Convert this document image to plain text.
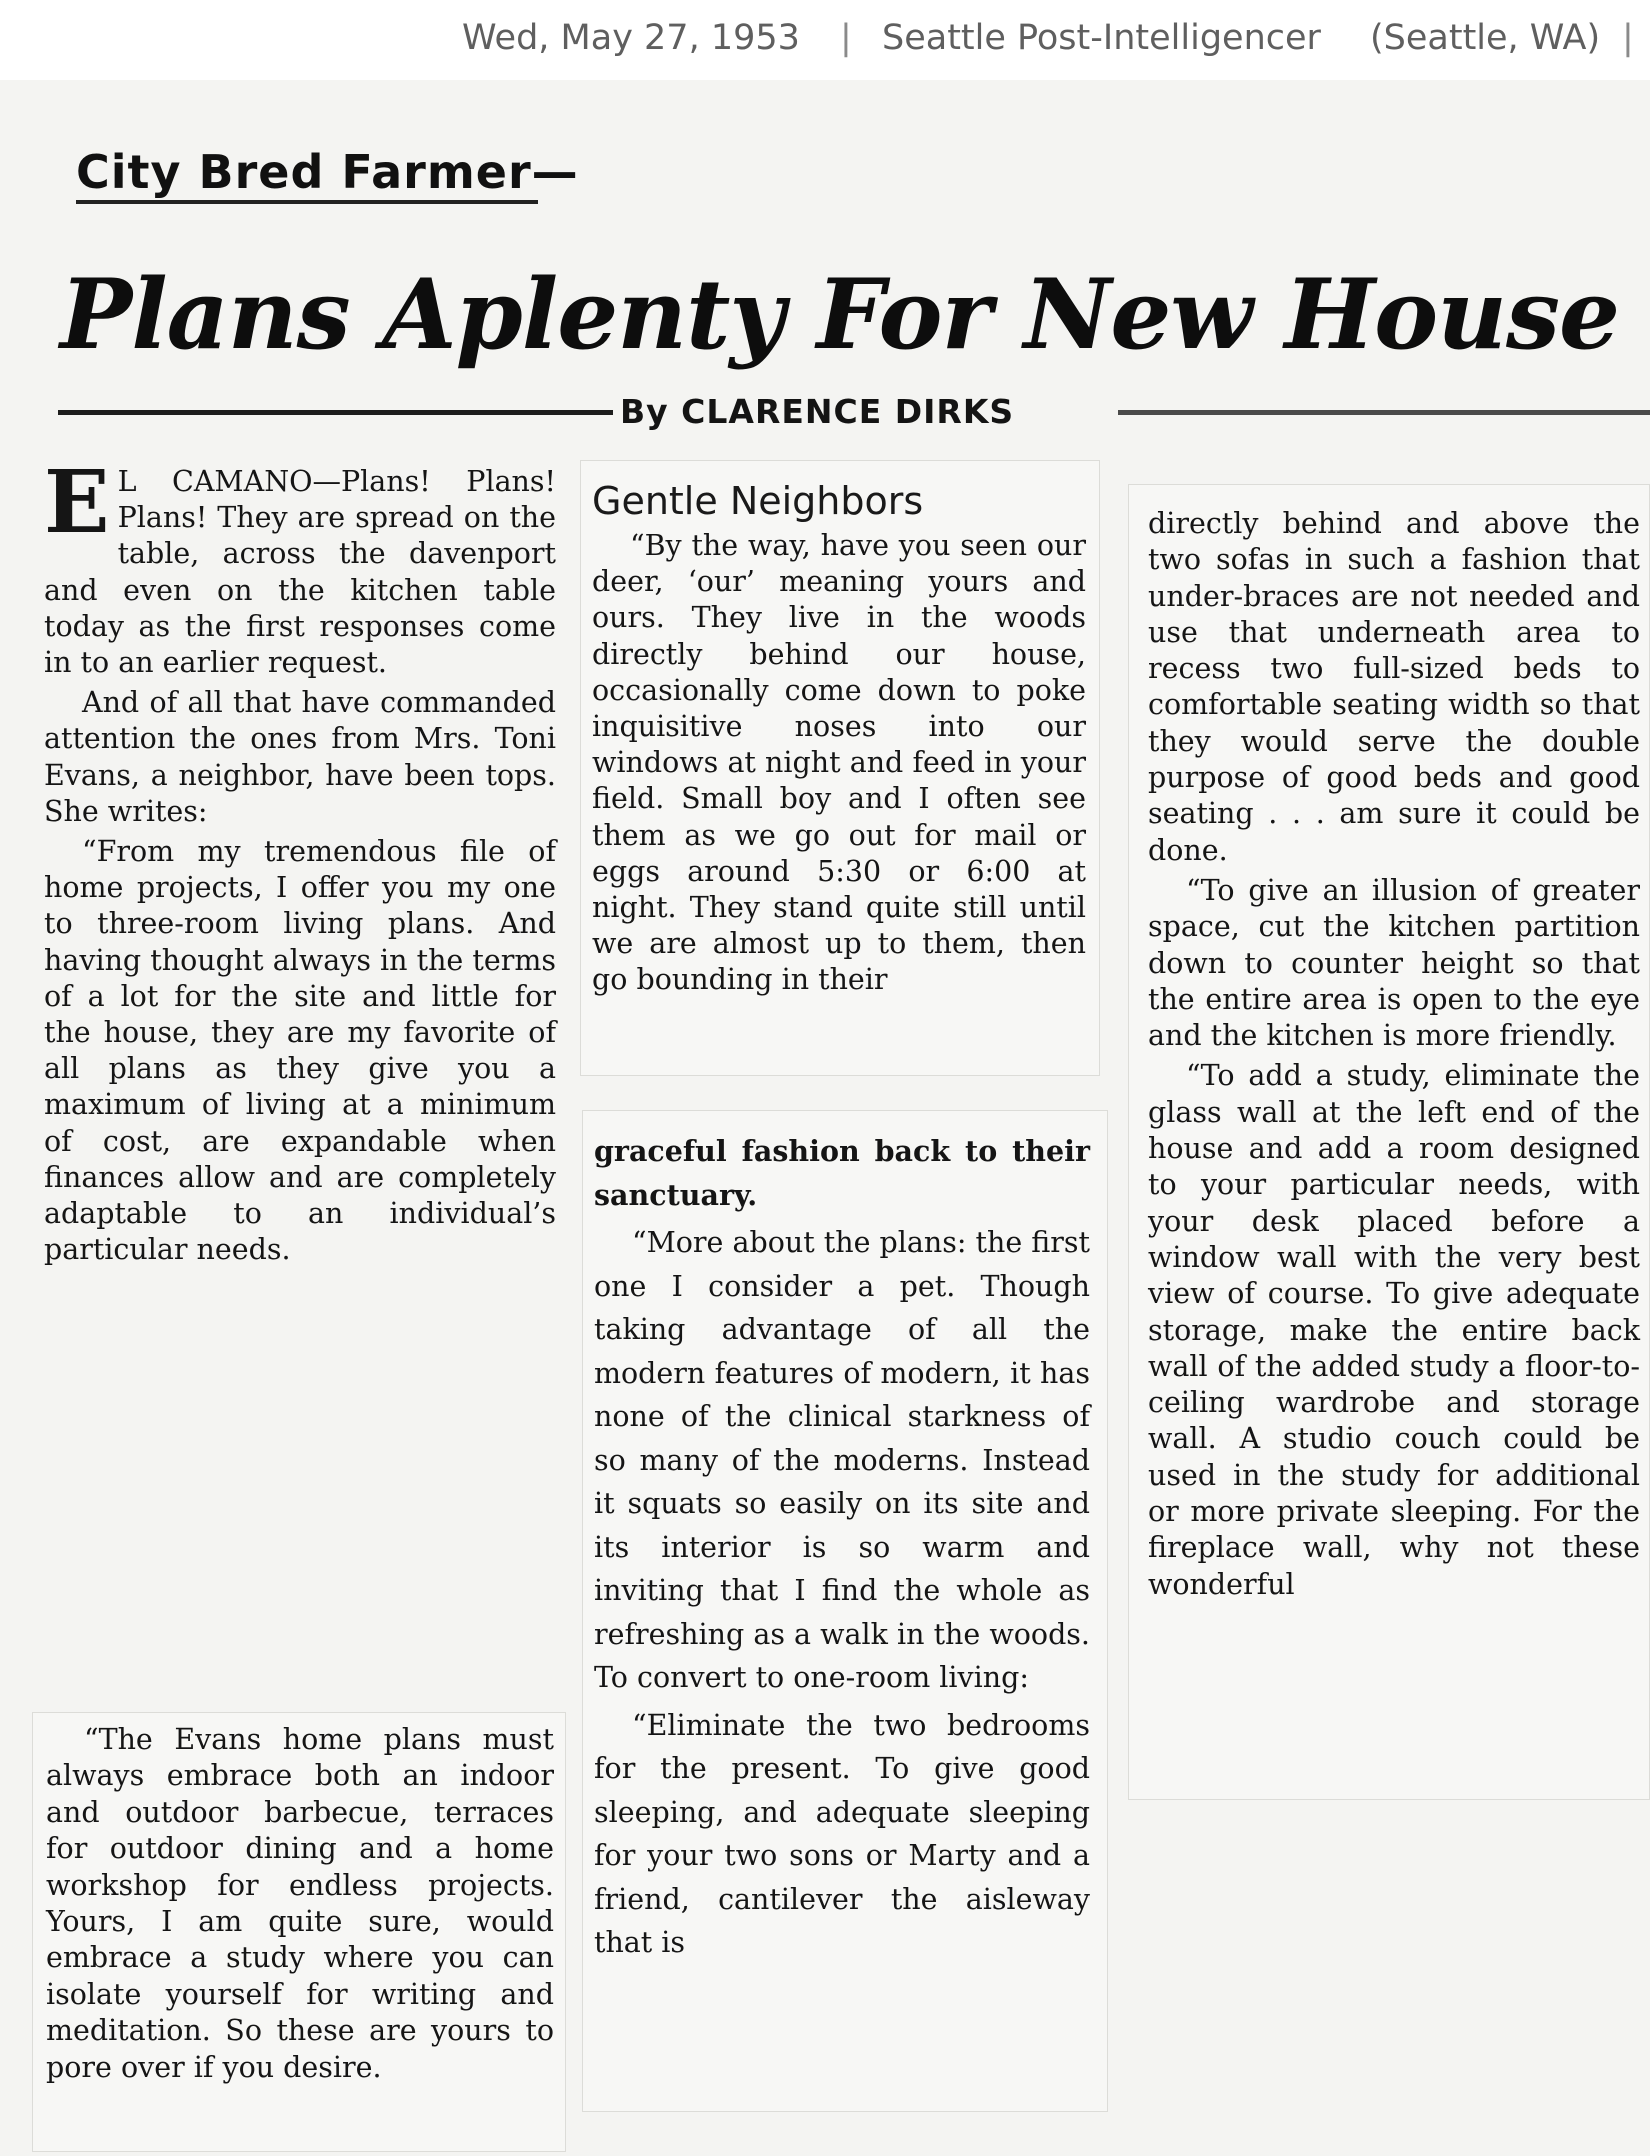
Wed, May 27, 1953 | Seattle Post-Intelligencer (Seattle, WA) |
City Bred Farmer—
Plans Aplenty For New House
By CLARENCE DIRKS

E L CAMANO—Plans! Plans! Plans! They are spread on the table, across the davenport and even on the kitchen table today as the first responses come in to an earlier request.

And of all that have commanded attention the ones from Mrs. Toni Evans, a neighbor, have been tops. She writes:

“From my tremendous file of home projects, I offer you my one to three-room living plans. And having thought always in the terms of a lot for the site and little for the house, they are my favorite of all plans as they give you a maximum of living at a minimum of cost, are expandable when finances allow and are completely adaptable to an individual’s particular needs.

“The Evans home plans must always embrace both an indoor and outdoor barbecue, terraces for outdoor dining and a home workshop for endless projects. Yours, I am quite sure, would embrace a study where you can isolate yourself for writing and meditation. So these are yours to pore over if you desire.

Gentle Neighbors

“By the way, have you seen our deer, ‘our’ meaning yours and ours. They live in the woods directly behind our house, occasionally come down to poke inquisitive noses into our windows at night and feed in your field. Small boy and I often see them as we go out for mail or eggs around 5:30 or 6:00 at night. They stand quite still until we are almost up to them, then go bounding in their

graceful fashion back to their sanctuary.

“More about the plans: the first one I consider a pet. Though taking advantage of all the modern features of modern, it has none of the clinical starkness of so many of the moderns. Instead it squats so easily on its site and its interior is so warm and inviting that I find the whole as refreshing as a walk in the woods. To convert to one-room living:

“Eliminate the two bedrooms for the present. To give good sleeping, and adequate sleeping for your two sons or Marty and a friend, cantilever the aisleway that is

directly behind and above the two sofas in such a fashion that under-braces are not needed and use that underneath area to recess two full-sized beds to comfortable seating width so that they would serve the double purpose of good beds and good seating . . . am sure it could be done.

“To give an illusion of greater space, cut the kitchen partition down to counter height so that the entire area is open to the eye and the kitchen is more friendly.

“To add a study, eliminate the glass wall at the left end of the house and add a room designed to your particular needs, with your desk placed before a window wall with the very best view of course. To give adequate storage, make the entire back wall of the added study a floor-to-ceiling wardrobe and storage wall. A studio couch could be used in the study for additional or more private sleeping. For the fireplace wall, why not these wonderful
